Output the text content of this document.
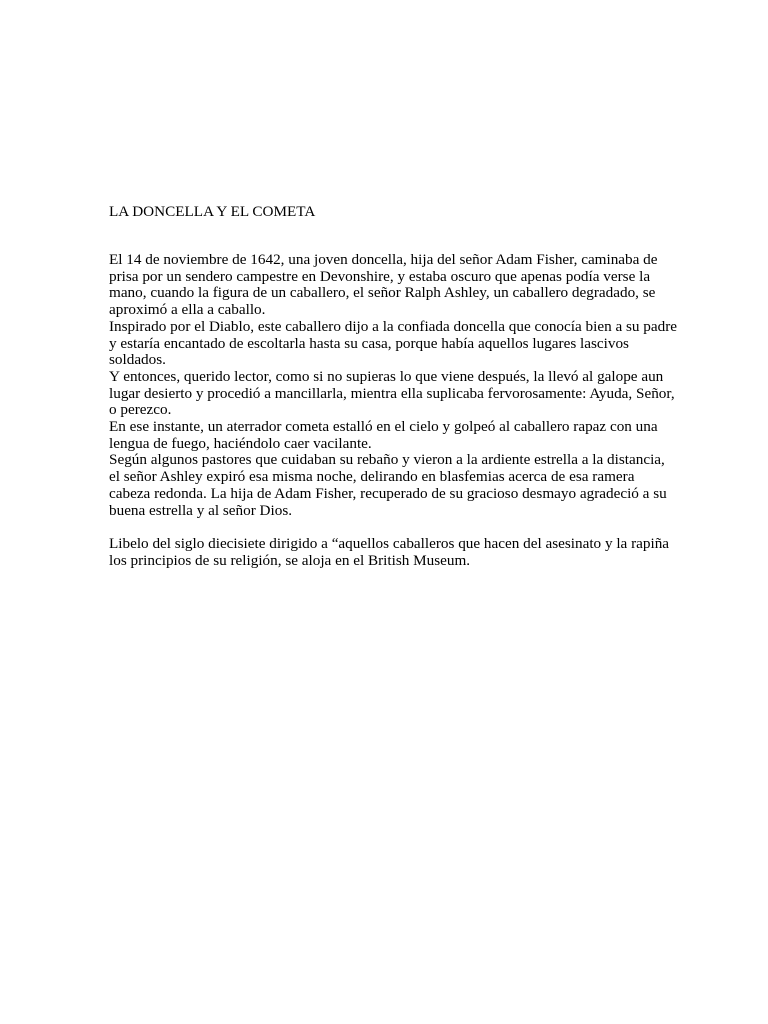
LA DONCELLA Y EL COMETA

El 14 de noviembre de 1642, una joven doncella, hija del señor Adam Fisher, caminaba de prisa por un sendero campestre en Devonshire, y estaba oscuro que apenas podía verse la mano, cuando la figura de un caballero, el señor Ralph Ashley, un caballero degradado, se aproximó a ella a caballo.

Inspirado por el Diablo, este caballero dijo a la confiada doncella que conocía bien a su padre y estaría encantado de escoltarla hasta su casa, porque había aquellos lugares lascivos soldados.

Y entonces, querido lector, como si no supieras lo que viene después, la llevó al galope aun lugar desierto y procedió a mancillarla, mientra ella suplicaba fervorosamente: Ayuda, Señor, o perezco.

En ese instante, un aterrador cometa estalló en el cielo y golpeó al caballero rapaz con una lengua de fuego, haciéndolo caer vacilante.

Según algunos pastores que cuidaban su rebaño y vieron a la ardiente estrella a la distancia, el señor Ashley expiró esa misma noche, delirando en blasfemias acerca de esa ramera cabeza redonda. La hija de Adam Fisher, recuperado de su gracioso desmayo agradeció a su buena estrella y al señor Dios.

Libelo del siglo diecisiete dirigido a “aquellos caballeros que hacen del asesinato y la rapiña los principios de su religión, se aloja en el British Museum.
